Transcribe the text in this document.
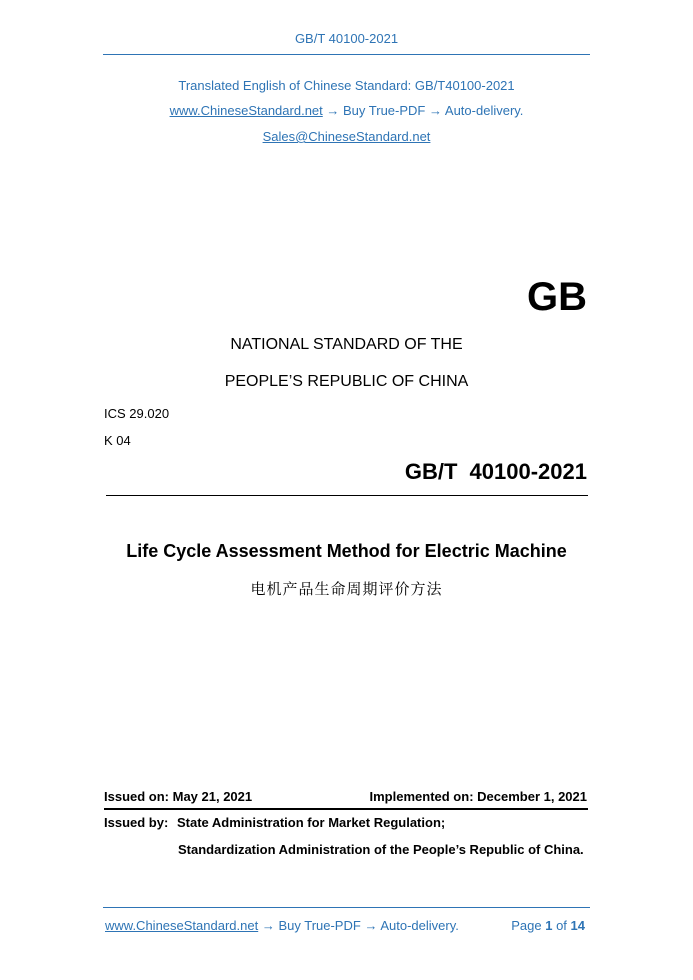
GB/T 40100-2021
Translated English of Chinese Standard: GB/T40100-2021
www.ChineseStandard.net → Buy True-PDF → Auto-delivery.
Sales@ChineseStandard.net
GB
NATIONAL STANDARD OF THE
PEOPLE’S REPUBLIC OF CHINA
ICS 29.020
K 04
GB/T 40100-2021
Life Cycle Assessment Method for Electric Machine
电机产品生命周期评价方法
Issued on: May 21, 2021	Implemented on: December 1, 2021
Issued by: State Administration for Market Regulation;
Standardization Administration of the People’s Republic of China.
www.ChineseStandard.net → Buy True-PDF → Auto-delivery.	Page 1 of 14
